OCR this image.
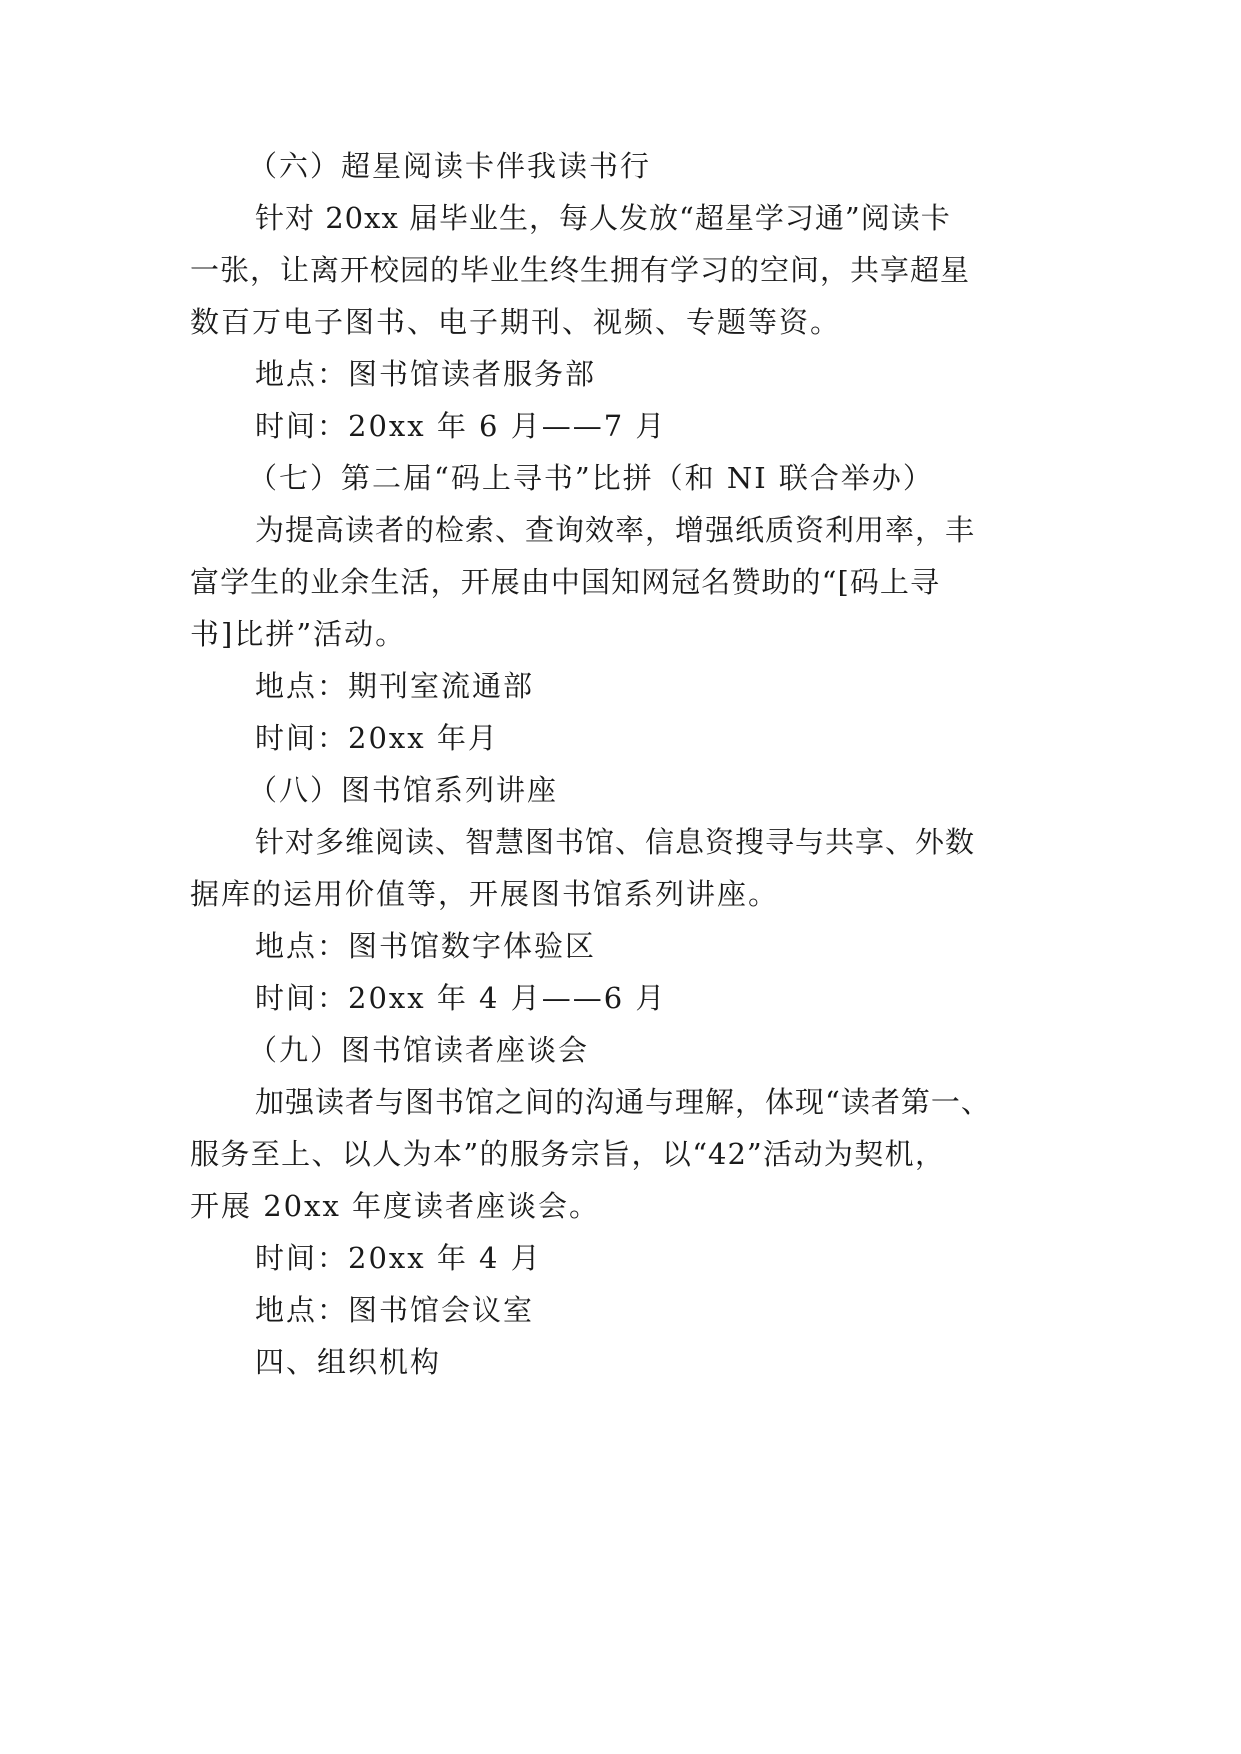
（六）超星阅读卡伴我读书行
针对 20xx 届毕业生，每人发放“超星学习通”阅读卡
一张，让离开校园的毕业生终生拥有学习的空间，共享超星
数百万电子图书、电子期刊、视频、专题等资。
地点：图书馆读者服务部
时间：20xx 年 6 月——7 月
（七）第二届“码上寻书”比拼（和 NI 联合举办）
为提高读者的检索、查询效率，增强纸质资利用率，丰
富学生的业余生活，开展由中国知网冠名赞助的“[码上寻
书]比拼”活动。
地点：期刊室流通部
时间：20xx 年月
（八）图书馆系列讲座
针对多维阅读、智慧图书馆、信息资搜寻与共享、外数
据库的运用价值等，开展图书馆系列讲座。
地点：图书馆数字体验区
时间：20xx 年 4 月——6 月
（九）图书馆读者座谈会
加强读者与图书馆之间的沟通与理解，体现“读者第一、
服务至上、以人为本”的服务宗旨，以“42”活动为契机，
开展 20xx 年度读者座谈会。
时间：20xx 年 4 月
地点：图书馆会议室
四、组织机构
